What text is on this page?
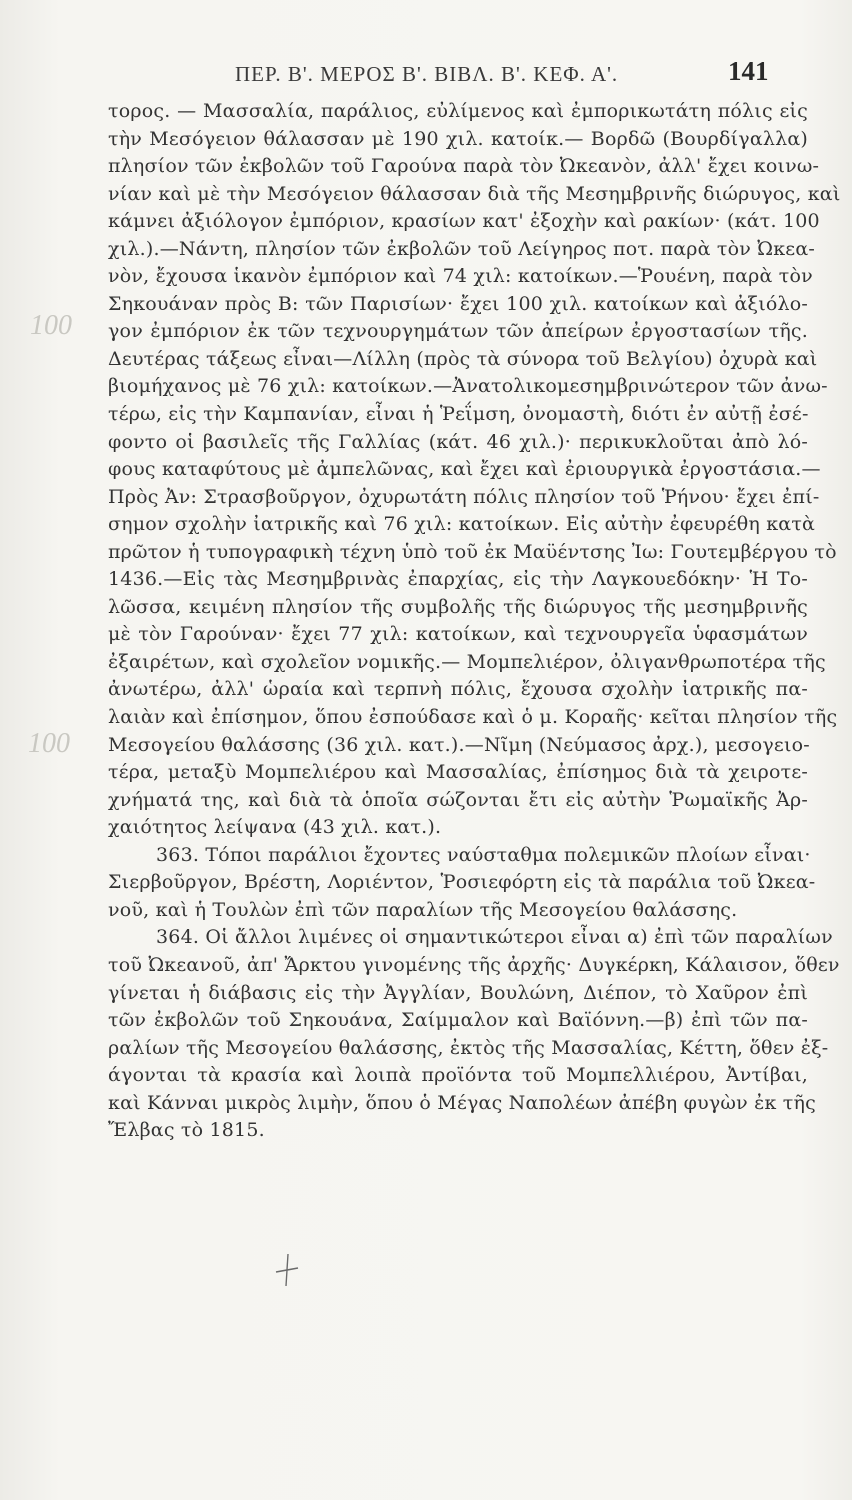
ΠΕΡ. Β'. ΜΕΡΟΣ Β'. ΒΙΒΛ. Β'. ΚΕΦ. Α'.	141
100
100
τορος. — Μασσαλία, παράλιος, εὐλίμενος καὶ ἐμπορικωτάτη πόλις εἰς
τὴν Μεσόγειον θάλασσαν μὲ 190 χιλ. κατοίκ.— Βορδῶ (Βουρδίγαλλα)
πλησίον τῶν ἐκβολῶν τοῦ Γαρούνα παρὰ τὸν Ὠκεανὸν, ἀλλ' ἔχει κοινω-
νίαν καὶ μὲ τὴν Μεσόγειον θάλασσαν διὰ τῆς Μεσημβρινῆς διώρυγος, καὶ
κάμνει ἀξιόλογον ἐμπόριον, κρασίων κατ' ἐξοχὴν καὶ ρακίων· (κάτ. 100
χιλ.).—Νάντη, πλησίον τῶν ἐκβολῶν τοῦ Λείγηρος ποτ. παρὰ τὸν Ὠκεα-
νὸν, ἔχουσα ἱκανὸν ἐμπόριον καὶ 74 χιλ: κατοίκων.—Ῥουένη, παρὰ τὸν
Σηκουάναν πρὸς Β: τῶν Παρισίων· ἔχει 100 χιλ. κατοίκων καὶ ἀξιόλο-
γον ἐμπόριον ἐκ τῶν τεχνουργημάτων τῶν ἀπείρων ἐργοστασίων τῆς.
Δευτέρας τάξεως εἶναι—Λίλλη (πρὸς τὰ σύνορα τοῦ Βελγίου) ὀχυρὰ καὶ
βιομήχανος μὲ 76 χιλ: κατοίκων.—Ἀνατολικομεσημβρινώτερον τῶν ἀνω-
τέρω, εἰς τὴν Καμπανίαν, εἶναι ἡ Ῥεΐμση, ὀνομαστὴ, διότι ἐν αὐτῇ ἐσέ-
φοντο οἱ βασιλεῖς τῆς Γαλλίας (κάτ. 46 χιλ.)· περικυκλοῦται ἀπὸ λό-
φους καταφύτους μὲ ἀμπελῶνας, καὶ ἔχει καὶ ἐριουργικὰ ἐργοστάσια.—
Πρὸς Ἀν: Στρασβοῦργον, ὀχυρωτάτη πόλις πλησίον τοῦ Ῥήνου· ἔχει ἐπί-
σημον σχολὴν ἰατρικῆς καὶ 76 χιλ: κατοίκων. Εἰς αὐτὴν ἐφευρέθη κατὰ
πρῶτον ἡ τυπογραφικὴ τέχνη ὑπὸ τοῦ ἐκ Μαϋέντσης Ἰω: Γουτεμβέργου τὸ
1436.—Εἰς τὰς Μεσημβρινὰς ἐπαρχίας, εἰς τὴν Λαγκουεδόκην· Ἡ Το-
λῶσσα, κειμένη πλησίον τῆς συμβολῆς τῆς διώρυγος τῆς μεσημβρινῆς
μὲ τὸν Γαρούναν· ἔχει 77 χιλ: κατοίκων, καὶ τεχνουργεῖα ὑφασμάτων
ἐξαιρέτων, καὶ σχολεῖον νομικῆς.— Μομπελιέρον, ὀλιγανθρωποτέρα τῆς
ἀνωτέρω, ἀλλ' ὡραία καὶ τερπνὴ πόλις, ἔχουσα σχολὴν ἰατρικῆς πα-
λαιὰν καὶ ἐπίσημον, ὅπου ἐσπούδασε καὶ ὁ μ. Κοραῆς· κεῖται πλησίον τῆς
Μεσογείου θαλάσσης (36 χιλ. κατ.).—Νῖμη (Νεύμασος ἀρχ.), μεσογειο-
τέρα, μεταξὺ Μομπελιέρου καὶ Μασσαλίας, ἐπίσημος διὰ τὰ χειροτε-
χνήματά της, καὶ διὰ τὰ ὁποῖα σώζονται ἔτι εἰς αὐτὴν Ῥωμαϊκῆς Ἀρ-
χαιότητος λείψανα (43 χιλ. κατ.).
363. Τόποι παράλιοι ἔχοντες ναύσταθμα πολεμικῶν πλοίων εἶναι·
Σιερβοῦργον, Βρέστη, Λοριέντον, Ῥοσιεφόρτη εἰς τὰ παράλια τοῦ Ὠκεα-
νοῦ, καὶ ἡ Τουλὼν ἐπὶ τῶν παραλίων τῆς Μεσογείου θαλάσσης.
364. Οἱ ἄλλοι λιμένες οἱ σημαντικώτεροι εἶναι α) ἐπὶ τῶν παραλίων
τοῦ Ὠκεανοῦ, ἀπ' Ἄρκτου γινομένης τῆς ἀρχῆς· Δυγκέρκη, Κάλαισον, ὅθεν
γίνεται ἡ διάβασις εἰς τὴν Ἀγγλίαν, Βουλώνη, Διέπον, τὸ Χαῦρον ἐπὶ
τῶν ἐκβολῶν τοῦ Σηκουάνα, Σαίμμαλον καὶ Βαϊόννη.—β) ἐπὶ τῶν πα-
ραλίων τῆς Μεσογείου θαλάσσης, ἐκτὸς τῆς Μασσαλίας, Κέττη, ὅθεν ἐξ-
άγονται τὰ κρασία καὶ λοιπὰ προϊόντα τοῦ Μομπελλιέρου, Ἀντίβαι,
καὶ Κάνναι μικρὸς λιμὴν, ὅπου ὁ Μέγας Ναπολέων ἀπέβη φυγὼν ἐκ τῆς
Ἔλβας τὸ 1815.
